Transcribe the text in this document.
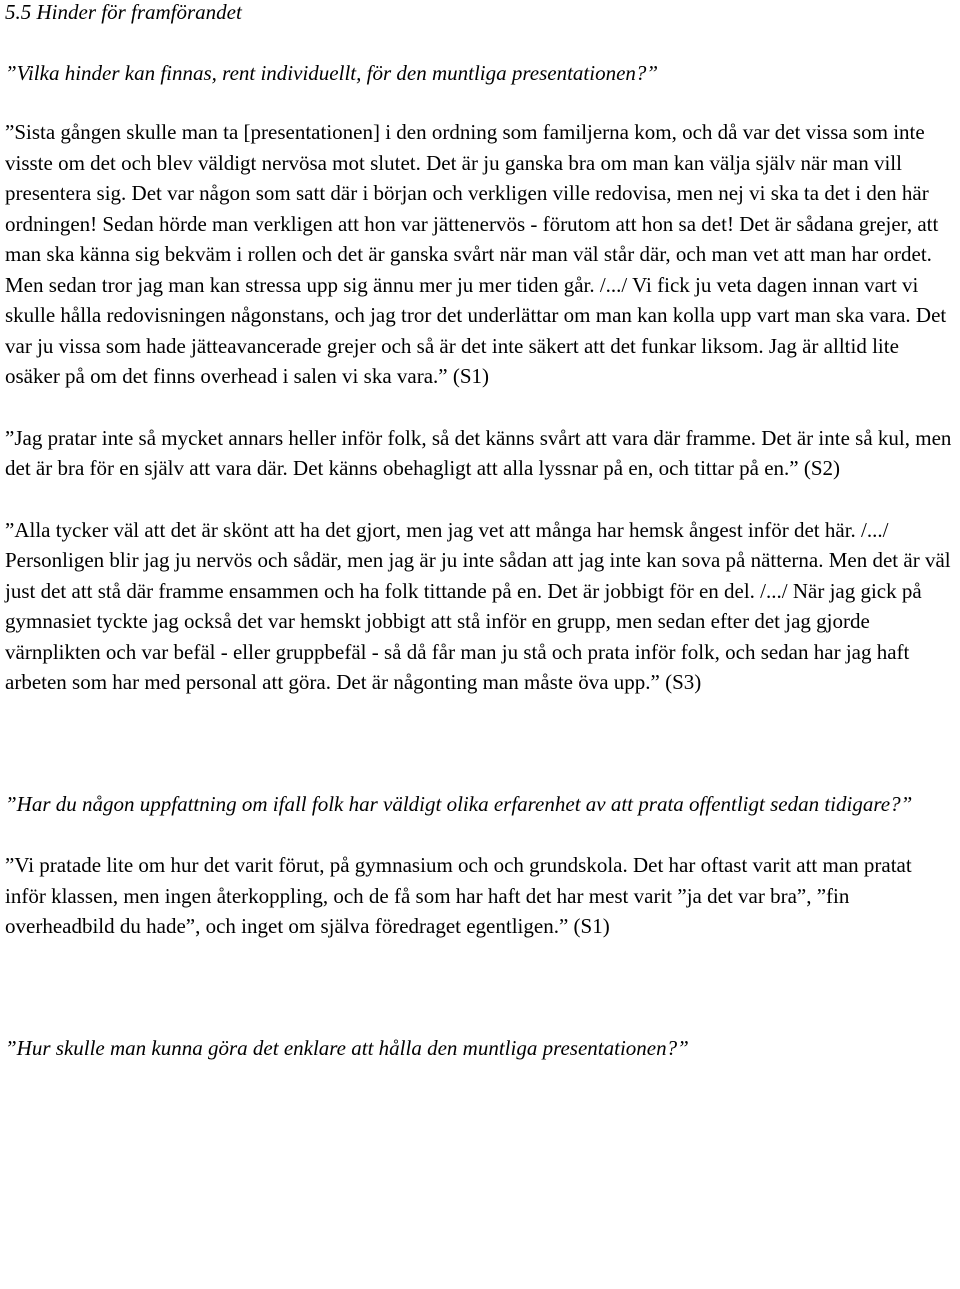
5.5 Hinder för framförandet

”Vilka hinder kan finnas, rent individuellt, för den muntliga presentationen?”

”Sista gången skulle man ta [presentationen] i den ordning som familjerna kom, och då var det vissa som inte visste om det och blev väldigt nervösa mot slutet. Det är ju ganska bra om man kan välja själv när man vill presentera sig. Det var någon som satt där i början och verkligen ville redovisa, men nej vi ska ta det i den här ordningen! Sedan hörde man verkligen att hon var jättenervös - förutom att hon sa det! Det är sådana grejer, att man ska känna sig bekväm i rollen och det är ganska svårt när man väl står där, och man vet att man har ordet. Men sedan tror jag man kan stressa upp sig ännu mer ju mer tiden går. /.../ Vi fick ju veta dagen innan vart vi skulle hålla redovisningen någonstans, och jag tror det underlättar om man kan kolla upp vart man ska vara. Det var ju vissa som hade jätteavancerade grejer och så är det inte säkert att det funkar liksom. Jag är alltid lite osäker på om det finns overhead i salen vi ska vara.” (S1)

”Jag pratar inte så mycket annars heller inför folk, så det känns svårt att vara där framme. Det är inte så kul, men det är bra för en själv att vara där. Det känns obehagligt att alla lyssnar på en, och tittar på en.” (S2)

”Alla tycker väl att det är skönt att ha det gjort, men jag vet att många har hemsk ångest inför det här. /.../ Personligen blir jag ju nervös och sådär, men jag är ju inte sådan att jag inte kan sova på nätterna. Men det är väl just det att stå där framme ensammen och ha folk tittande på en. Det är jobbigt för en del. /.../ När jag gick på gymnasiet tyckte jag också det var hemskt jobbigt att stå inför en grupp, men sedan efter det jag gjorde värnplikten och var befäl - eller gruppbefäl - så då får man ju stå och prata inför folk, och sedan har jag haft arbeten som har med personal att göra. Det är någonting man måste öva upp.” (S3)

”Har du någon uppfattning om ifall folk har väldigt olika erfarenhet av att prata offentligt sedan tidigare?”

”Vi pratade lite om hur det varit förut, på gymnasium och och grundskola. Det har oftast varit att man pratat inför klassen, men ingen återkoppling, och de få som har haft det har mest varit ”ja det var bra”, ”fin overheadbild du hade”, och inget om själva föredraget egentligen.” (S1)

”Hur skulle man kunna göra det enklare att hålla den muntliga presentationen?”
